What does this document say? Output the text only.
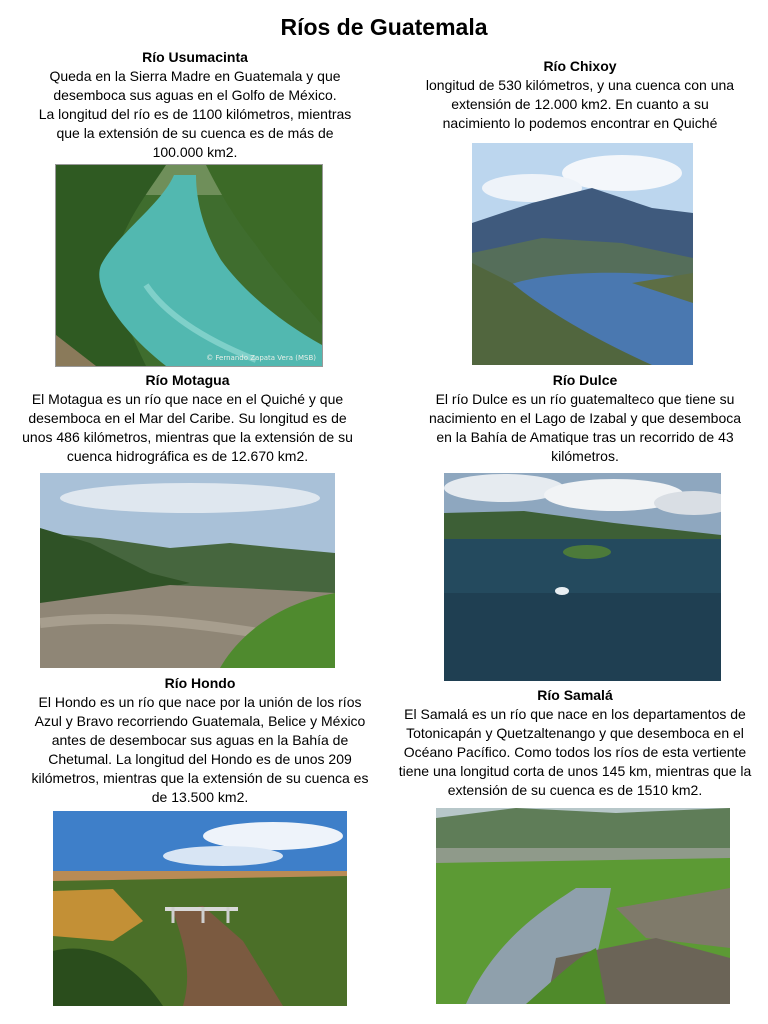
Ríos de Guatemala
Río Usumacinta

Queda en la Sierra Madre en Guatemala y que

desemboca sus aguas en el Golfo de México.

La longitud del río es de 1100 kilómetros, mientras

que la extensión de su cuenca es de más de

100.000 km2.

© Fernando Zapata Vera (MSB)
Río Chixoy

longitud de 530 kilómetros, y una cuenca con una

extensión de 12.000 km2. En cuanto a su

nacimiento lo podemos encontrar en Quiché

Río Motagua

El Motagua es un río que nace en el Quiché y que

desemboca en el Mar del Caribe. Su longitud es de

unos 486 kilómetros, mientras que la extensión de su

cuenca hidrográfica es de 12.670 km2.

Río Dulce

El río Dulce es un río guatemalteco que tiene su

nacimiento en el Lago de Izabal y que desemboca

en la Bahía de Amatique tras un recorrido de 43

kilómetros.

Río Hondo

El Hondo es un río que nace por la unión de los ríos

Azul y Bravo recorriendo Guatemala, Belice y México

antes de desembocar sus aguas en la Bahía de

Chetumal. La longitud del Hondo es de unos 209

kilómetros, mientras que la extensión de su cuenca es

de 13.500 km2.

Río Samalá

El Samalá es un río que nace en los departamentos de

Totonicapán y Quetzaltenango y que desemboca en el

Océano Pacífico. Como todos los ríos de esta vertiente

tiene una longitud corta de unos 145 km, mientras que la

extensión de su cuenca es de 1510 km2.
